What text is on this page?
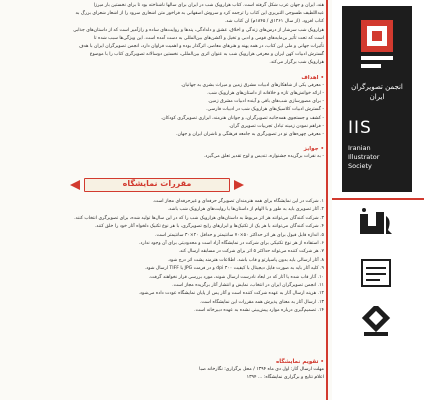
هند، ایران و جهان عرب شکل گرفته است. کتاب هزارویک شب در ایران برای سالها ناشناخته بود تا برای نخستین بار میرزا
عبداللطیف طسوجی التبریزی این کتاب را ترجمه کرد و سروش اصفهانی به فراخور متن اشعاری سرود را از اشعار شعرای بزرگ به
کتاب افزود. (از سال ۱۲۶۱ق / ۱۸۴۵م) ان کتاب شد.
هزارویک شب سرشار از درس‌های زندگی و اخلاق، عشق و دلدادگی، پندها و روایت‌های ساده و رازآمیز است که از داستان‌های جذابی
است که تحت تأثیر بن‌مایه‌های قومی و ادبی و تخیل و اکشن‌های بین‌المللی به دست آمده است. این ویژگی‌ها سبب شده تا
تأثیرات جهانی و ملی این کتاب، در همه پهنه و هنرهای معاصر، اثرگذار بوده و اهمیت فراوان دارد، انجمن تصویرگران ایران با هدف
گسترش ادبیات کهن ایران و معرفی هزارویک شب به عنوان اثری بین‌المللی، نخستین دوسالانه تصویرگری کتاب را با موضوع
هزارویک شب برگزار می‌کند.
• اهداف
- معرفی یکی از شاهکارهای ادبیات مشرق زمین و میراث بشری به جهانیان.
- ارائه خوانش‌های تازه و خلاقانه از داستان‌های هزارویک شب.
- برای مصورسازی شب‌های باقی و آینده ادبیات مشرق زمین.
- گسترش ادبیات کلاسیک‌های هزارویک شب در ادبیات فارسی.
- کشف و جستجوی همه‌جانبه تصویرگران، و جوانان هنرمند، ابزاری تصویرگری کودکان.
- فراهم نمودن زمینه تبادل تجربیات تصویری گران.
- معرفی چهره‌های نو در تصویرگری به جامعه فرهنگی و ناشران ایران و جهان.
• جوایز
- به نفرات برگزیده جشنواره، تندیس و لوح تقدیر تعلق می‌گیرد.
مقررات نمایشگاه
۱. شرکت در این نمایشگاه برای همه هنرمندان تصویرگر حرفه‌ای و غیرحرفه‌ای مجاز است.
۲. آثار تصویری باید به طور و با الهام از داستان‌ها یا روایت‌های هزارویک شب باشد.
۳. شرکت کنندگان می‌توانند هر اثر مربوط به داستان‌های هزارویک شب را که در این سال‌ها تولید شده، برای تصویرگری انتخاب کنند.
۴. شرکت کنندگان می‌توانند با هر یک از تکنیک‌ها و ابزارهای رایج تصویرگری، با هر نوع تکنیک دلخواه آثار خود را خلق کنند.
۵. اندازه قابل قبول برای هر اثر حداکثر ۵۰×۷۰ سانتیمتر و حداقل ۲۰×۳۰ سانتیمتر است.
۶. استفاده از هر نوع تکنیکی برای شرکت در نمایشگاه آزاد است و محدودیتی برای آن وجود ندارد.
۷. هر شرکت کننده می‌تواند حداکثر ۵ اثر برای شرکت در مسابقه ارسال کند.
۸. آثار ارسالی باید بدون پاسپارتو و قاب باشد. اطلاعات هنرمند پشت اثر درج شود.
۹. کلیه آثار باید به صورت فایل دیجیتال با کیفیت ۳۰۰ dpi و در فرمت JPG یا TIFF ارسال شود.
۱۰. آثار قاب شده یا آثار که در ابعاد نادرست ارسال شوند، مورد بررسی قرار نخواهند گرفت.
۱۱. انجمن تصویرگران ایران در انتخاب، نمایش و انتشار آثار برگزیده مجاز است.
۱۲. هزینه ارسال آثار به عهده شرکت کننده است و آثار پس از پایان نمایشگاه عودت داده می‌شود.
۱۳. ارسال آثار به معنای پذیرش همه مقررات این نمایشگاه است.
۱۴. تصمیم‌گیری درباره موارد پیش‌بینی نشده به عهده دبیرخانه است.
• تقویم نمایشگاه
مهلت ارسال آثار: اول دی ماه ۱۳۹۴ / محل برگزاری: نگارخانه صبا
اعلام نتایج و برگزاری نمایشگاه: ... ۱۳۹۴
انجمن تصویرگران ایران
IIS
Iranian
Illustrator
Society
